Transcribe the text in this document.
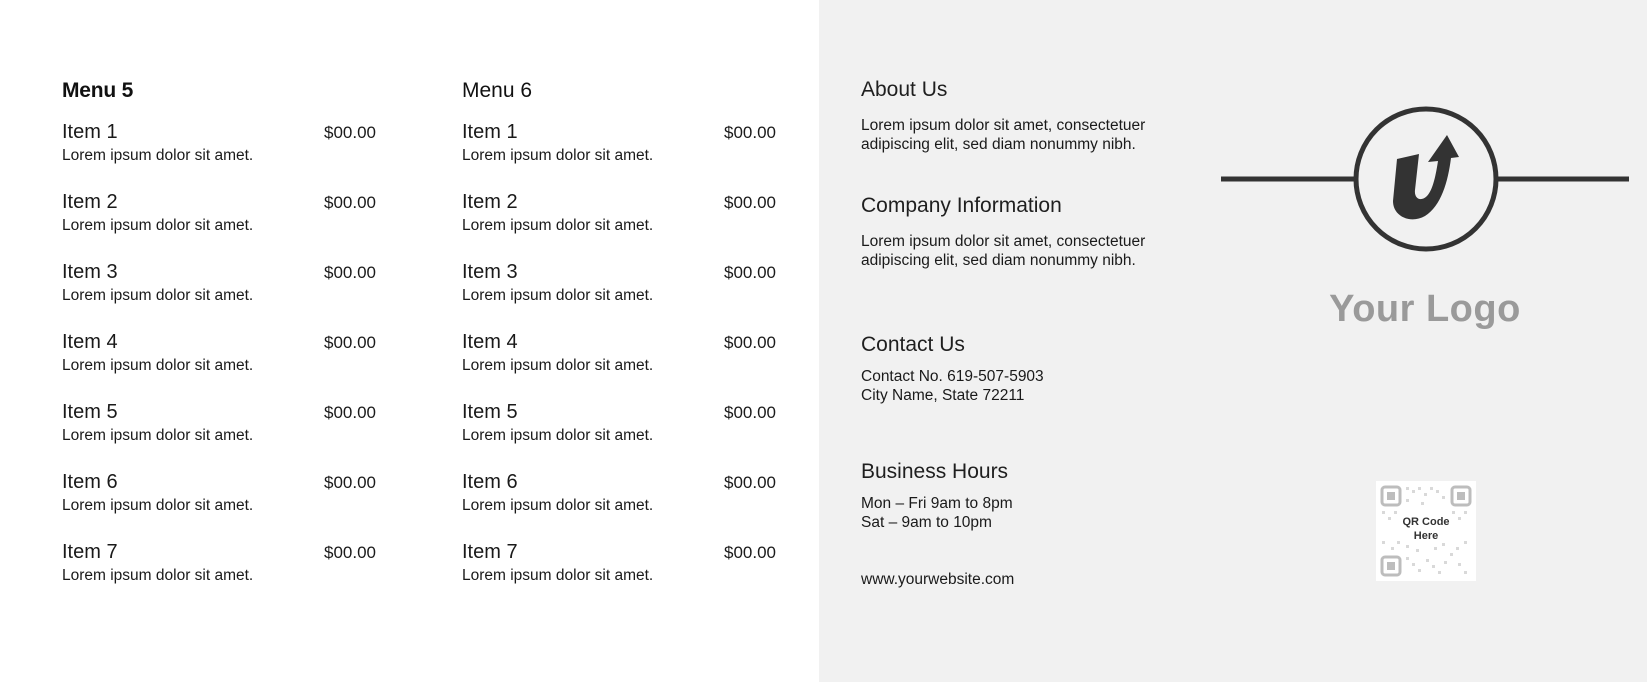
Menu 5
Item 1	$00.00
Lorem ipsum dolor sit amet.
Item 2	$00.00
Lorem ipsum dolor sit amet.
Item 3	$00.00
Lorem ipsum dolor sit amet.
Item 4	$00.00
Lorem ipsum dolor sit amet.
Item 5	$00.00
Lorem ipsum dolor sit amet.
Item 6	$00.00
Lorem ipsum dolor sit amet.
Item 7	$00.00
Lorem ipsum dolor sit amet.
Menu 6
Item 1	$00.00
Lorem ipsum dolor sit amet.
Item 2	$00.00
Lorem ipsum dolor sit amet.
Item 3	$00.00
Lorem ipsum dolor sit amet.
Item 4	$00.00
Lorem ipsum dolor sit amet.
Item 5	$00.00
Lorem ipsum dolor sit amet.
Item 6	$00.00
Lorem ipsum dolor sit amet.
Item 7	$00.00
Lorem ipsum dolor sit amet.
About Us

Lorem ipsum dolor sit amet, consectetuer

adipiscing elit, sed diam nonummy nibh.

Company Information

Lorem ipsum dolor sit amet, consectetuer

adipiscing elit, sed diam nonummy nibh.

Contact Us

Contact No. 619-507-5903

City Name, State 72211

Business Hours

Mon – Fri 9am to 8pm

Sat – 9am to 10pm

www.yourwebsite.com

Your Logo
QR Code
Here
